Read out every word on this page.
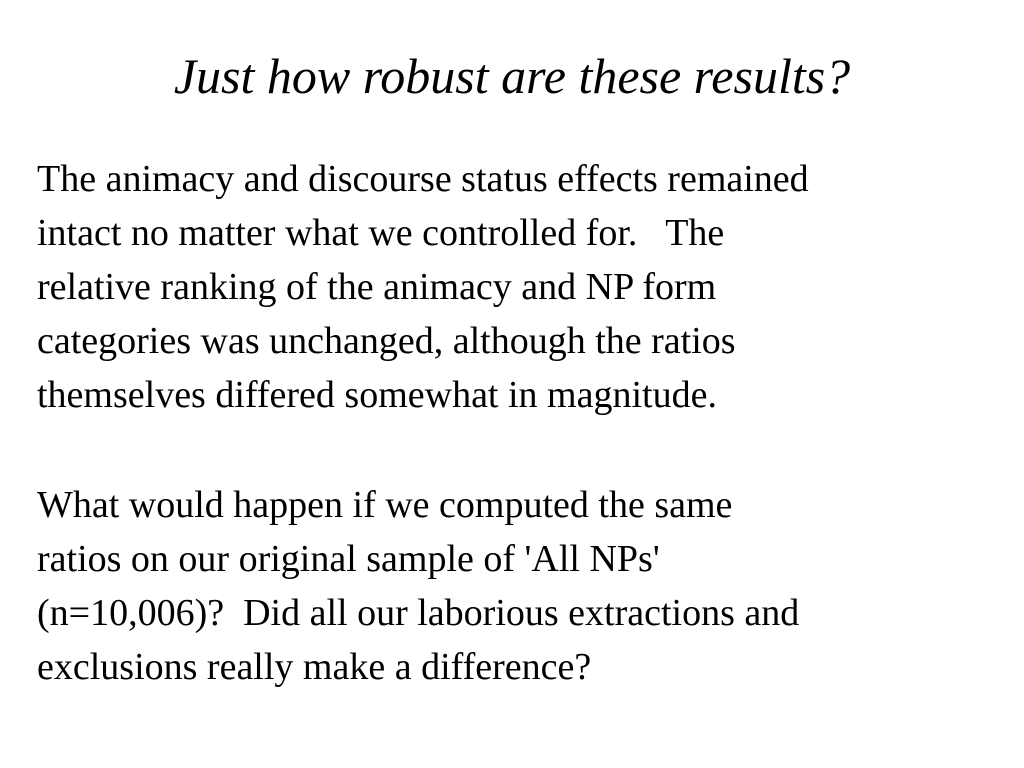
Just how robust are these results?

The animacy and discourse status effects remained
intact no matter what we controlled for.   The
relative ranking of the animacy and NP form
categories was unchanged, although the ratios
themselves differed somewhat in magnitude.

What would happen if we computed the same
ratios on our original sample of 'All NPs'
(n=10,006)?  Did all our laborious extractions and
exclusions really make a difference?
